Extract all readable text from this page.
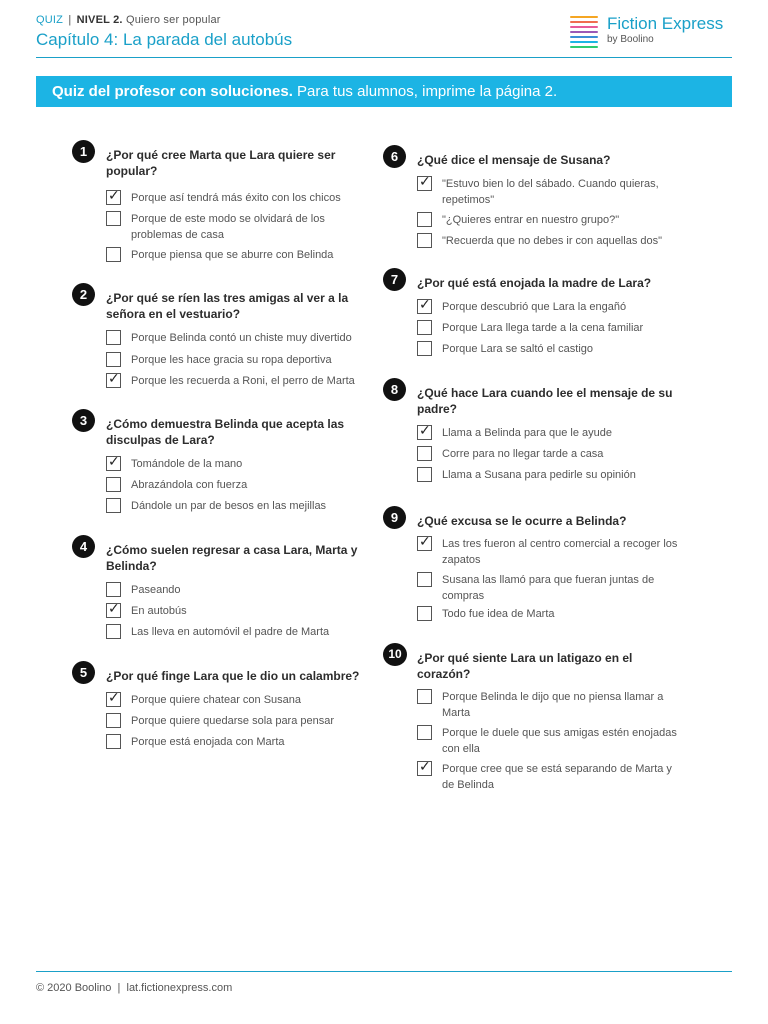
QUIZ | NIVEL 2. Quiero ser popular
Capítulo 4: La parada del autobús
Fiction Express
by Boolino
Quiz del profesor con soluciones. Para tus alumnos, imprime la página 2.
1	¿Por qué cree Marta que Lara quiere ser popular?
✓ Porque así tendrá más éxito con los chicos
Porque de este modo se olvidará de los problemas de casa
Porque piensa que se aburre con Belinda
2	¿Por qué se ríen las tres amigas al ver a la señora en el vestuario?
Porque Belinda contó un chiste muy divertido
Porque les hace gracia su ropa deportiva
✓ Porque les recuerda a Roni, el perro de Marta
3	¿Cómo demuestra Belinda que acepta las disculpas de Lara?
✓ Tomándole de la mano
Abrazándola con fuerza
Dándole un par de besos en las mejillas
4	¿Cómo suelen regresar a casa Lara, Marta y Belinda?
Paseando
✓ En autobús
Las lleva en automóvil el padre de Marta
5	¿Por qué finge Lara que le dio un calambre?
✓ Porque quiere chatear con Susana
Porque quiere quedarse sola para pensar
Porque está enojada con Marta
6	¿Qué dice el mensaje de Susana?
✓ "Estuvo bien lo del sábado. Cuando quieras, repetimos"
"¿Quieres entrar en nuestro grupo?"
"Recuerda que no debes ir con aquellas dos"
7	¿Por qué está enojada la madre de Lara?
✓ Porque descubrió que Lara la engañó
Porque Lara llega tarde a la cena familiar
Porque Lara se saltó el castigo
8	¿Qué hace Lara cuando lee el mensaje de su padre?
✓ Llama a Belinda para que le ayude
Corre para no llegar tarde a casa
Llama a Susana para pedirle su opinión
9	¿Qué excusa se le ocurre a Belinda?
✓ Las tres fueron al centro comercial a recoger los zapatos
Susana las llamó para que fueran juntas de compras
Todo fue idea de Marta
10	¿Por qué siente Lara un latigazo en el corazón?
Porque Belinda le dijo que no piensa llamar a Marta
Porque le duele que sus amigas estén enojadas con ella
✓ Porque cree que se está separando de Marta y de Belinda
© 2020 Boolino  |  lat.fictionexpress.com
